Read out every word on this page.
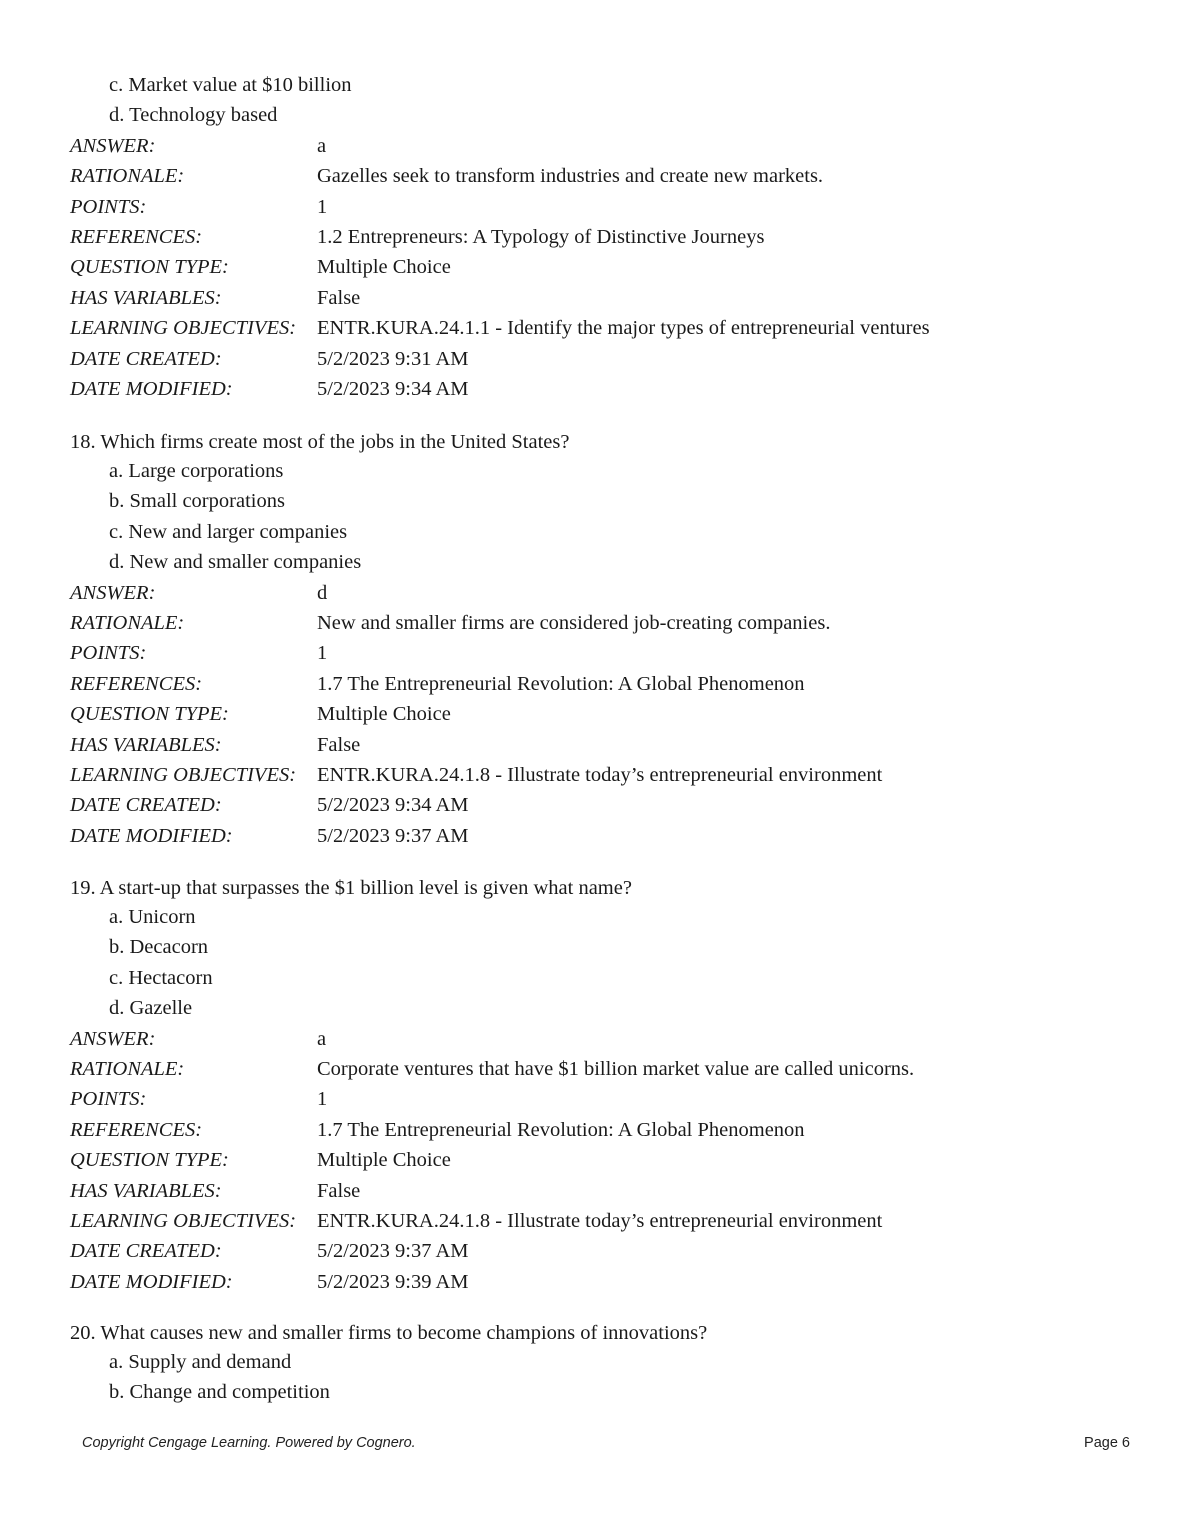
c. Market value at $10 billion
d. Technology based
ANSWER:	a
RATIONALE:	Gazelles seek to transform industries and create new markets.
POINTS:	1
REFERENCES:	1.2 Entrepreneurs: A Typology of Distinctive Journeys
QUESTION TYPE:	Multiple Choice
HAS VARIABLES:	False
LEARNING OBJECTIVES:	ENTR.KURA.24.1.1 - Identify the major types of entrepreneurial ventures
DATE CREATED:	5/2/2023 9:31 AM
DATE MODIFIED:	5/2/2023 9:34 AM
18. Which firms create most of the jobs in the United States?
a. Large corporations
b. Small corporations
c. New and larger companies
d. New and smaller companies
ANSWER:	d
RATIONALE:	New and smaller firms are considered job-creating companies.
POINTS:	1
REFERENCES:	1.7 The Entrepreneurial Revolution: A Global Phenomenon
QUESTION TYPE:	Multiple Choice
HAS VARIABLES:	False
LEARNING OBJECTIVES:	ENTR.KURA.24.1.8 - Illustrate today’s entrepreneurial environment
DATE CREATED:	5/2/2023 9:34 AM
DATE MODIFIED:	5/2/2023 9:37 AM
19. A start-up that surpasses the $1 billion level is given what name?
a. Unicorn
b. Decacorn
c. Hectacorn
d. Gazelle
ANSWER:	a
RATIONALE:	Corporate ventures that have $1 billion market value are called unicorns.
POINTS:	1
REFERENCES:	1.7 The Entrepreneurial Revolution: A Global Phenomenon
QUESTION TYPE:	Multiple Choice
HAS VARIABLES:	False
LEARNING OBJECTIVES:	ENTR.KURA.24.1.8 - Illustrate today’s entrepreneurial environment
DATE CREATED:	5/2/2023 9:37 AM
DATE MODIFIED:	5/2/2023 9:39 AM
20. What causes new and smaller firms to become champions of innovations?
a. Supply and demand
b. Change and competition
Copyright Cengage Learning. Powered by Cognero.	Page 6
